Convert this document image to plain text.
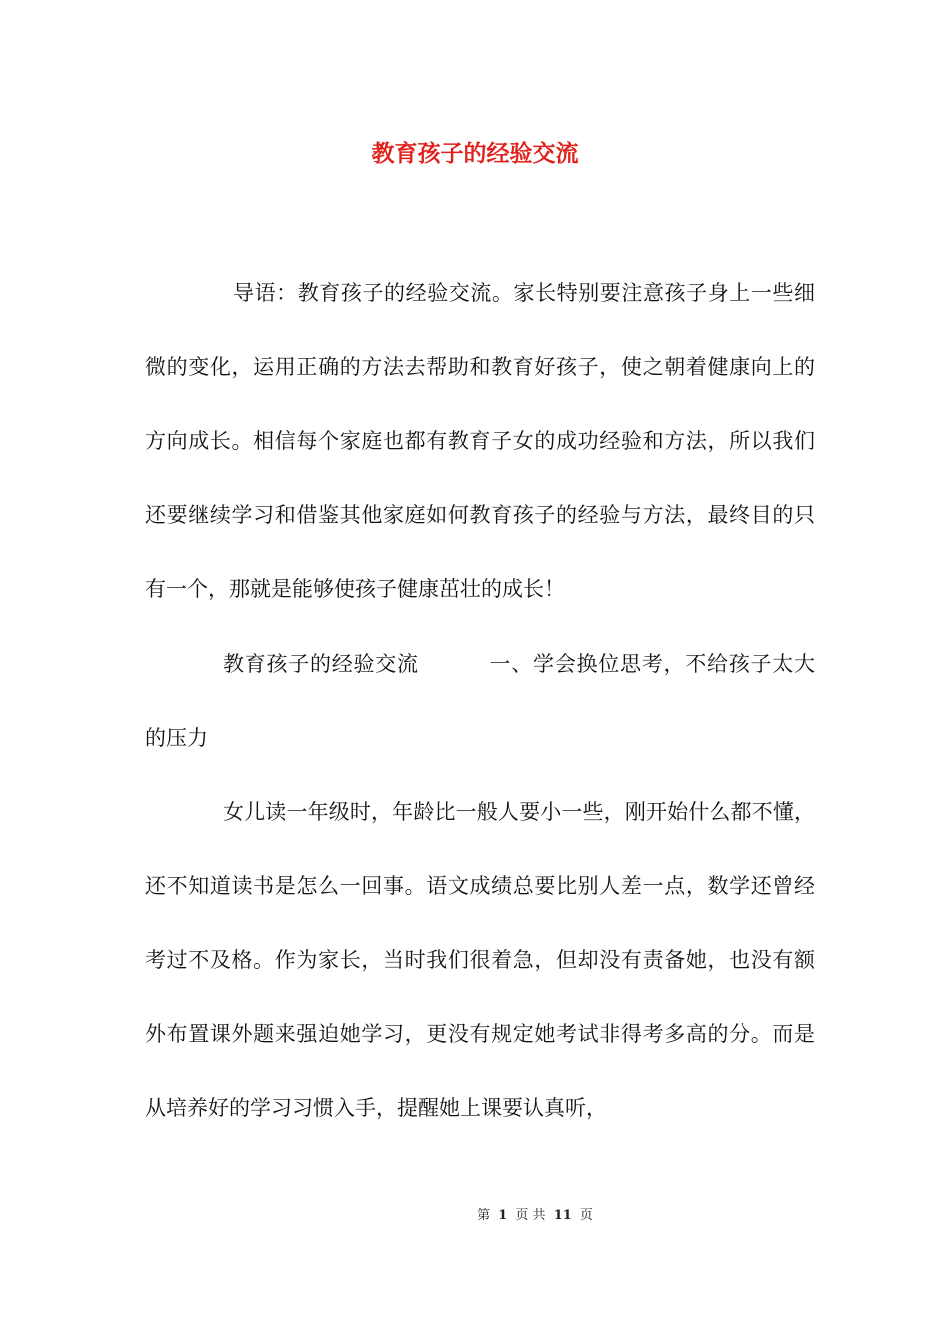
教育孩子的经验交流

导语：教育孩子的经验交流。家长特别要注意孩子身上一些细微的变化，运用正确的方法去帮助和教育好孩子，使之朝着健康向上的方向成长。相信每个家庭也都有教育子女的成功经验和方法，所以我们还要继续学习和借鉴其他家庭如何教育孩子的经验与方法，最终目的只有一个，那就是能够使孩子健康茁壮的成长！

教育孩子的经验交流	一、学会换位思考，不给孩子太大的压力

女儿读一年级时，年龄比一般人要小一些，刚开始什么都不懂，还不知道读书是怎么一回事。语文成绩总要比别人差一点，数学还曾经考过不及格。作为家长，当时我们很着急，但却没有责备她，也没有额外布置课外题来强迫她学习，更没有规定她考试非得考多高的分。而是从培养好的学习习惯入手，提醒她上课要认真听，

第 1 页 共 11 页
